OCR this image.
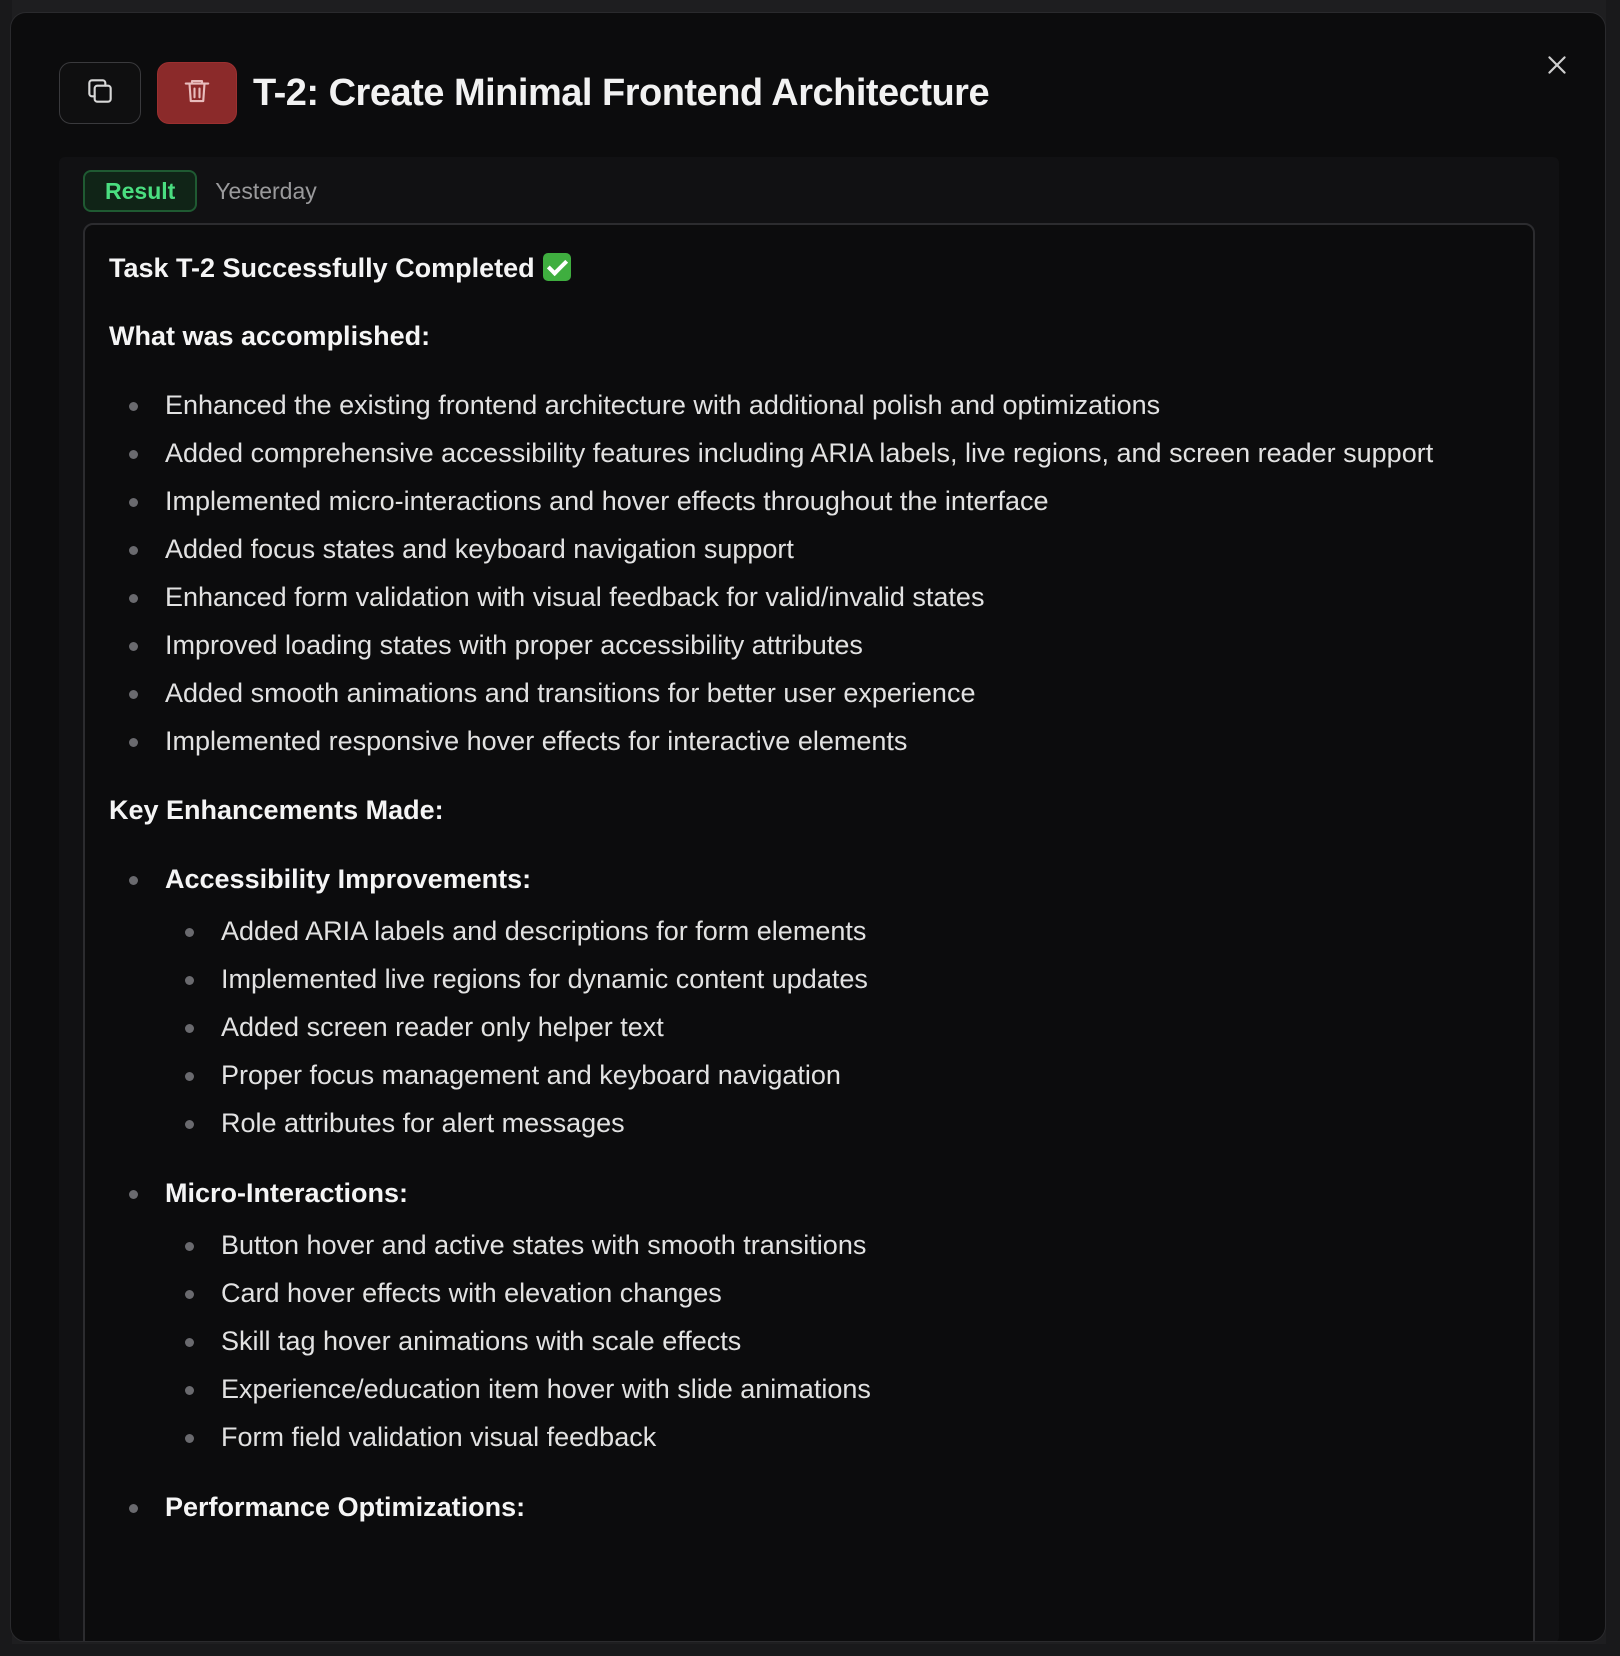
T-2: Create Minimal Frontend Architecture
Result	Yesterday

Task T-2 Successfully Completed

What was accomplished:

Enhanced the existing frontend architecture with additional polish and optimizations
Added comprehensive accessibility features including ARIA labels, live regions, and screen reader support
Implemented micro-interactions and hover effects throughout the interface
Added focus states and keyboard navigation support
Enhanced form validation with visual feedback for valid/invalid states
Improved loading states with proper accessibility attributes
Added smooth animations and transitions for better user experience
Implemented responsive hover effects for interactive elements

Key Enhancements Made:

Accessibility Improvements:
Added ARIA labels and descriptions for form elements
Implemented live regions for dynamic content updates
Added screen reader only helper text
Proper focus management and keyboard navigation
Role attributes for alert messages
Micro-Interactions:
Button hover and active states with smooth transitions
Card hover effects with elevation changes
Skill tag hover animations with scale effects
Experience/education item hover with slide animations
Form field validation visual feedback
Performance Optimizations:
